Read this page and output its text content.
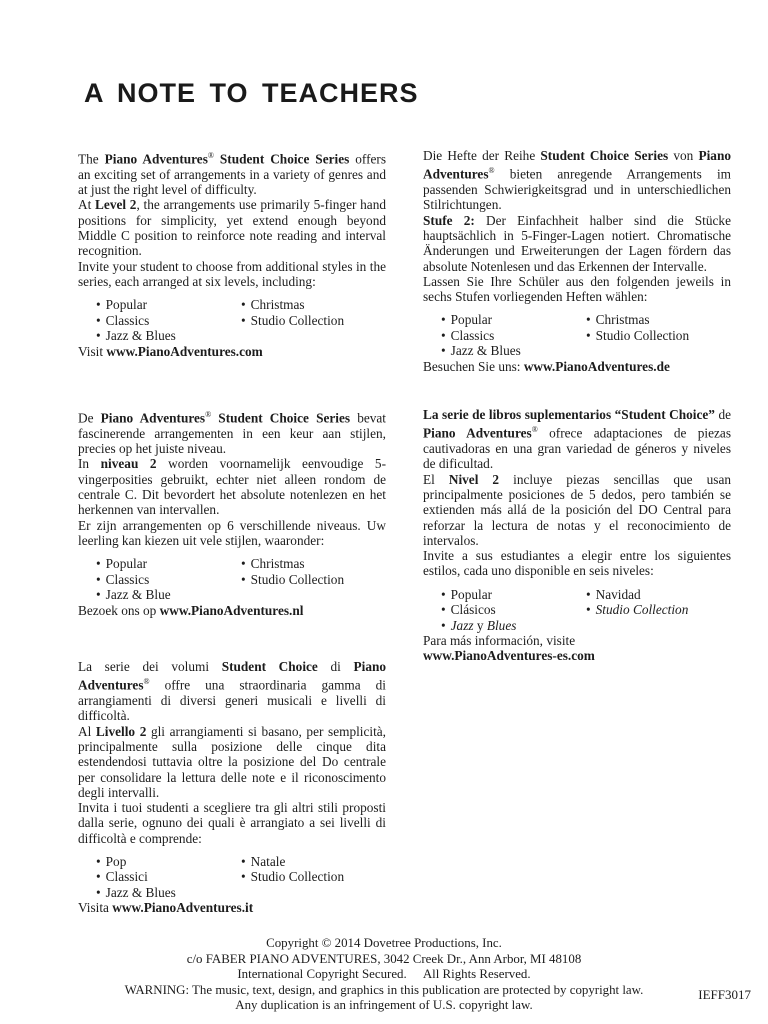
A NOTE TO TEACHERS

The Piano Adventures® Student Choice Series offers an exciting set of arrangements in a variety of genres and at just the right level of difficulty.

At Level 2, the arrangements use primarily 5-finger hand positions for simplicity, yet extend enough beyond Middle C position to reinforce note reading and interval recognition.

Invite your student to choose from additional styles in the series, each arranged at six levels, including:

• Popular
• Classics
• Jazz & Blues
• Christmas
• Studio Collection

Visit www.PianoAdventures.com

Die Hefte der Reihe Student Choice Series von Piano Adventures® bieten anregende Arrangements im passenden Schwierigkeitsgrad und in unterschiedlichen Stilrichtungen.

Stufe 2: Der Einfachheit halber sind die Stücke hauptsächlich in 5-Finger-Lagen notiert. Chromatische Änderungen und Erweiterungen der Lagen fördern das absolute Notenlesen und das Erkennen der Intervalle.

Lassen Sie Ihre Schüler aus den folgenden jeweils in sechs Stufen vorliegenden Heften wählen:

• Popular
• Classics
• Jazz & Blues
• Christmas
• Studio Collection

Besuchen Sie uns: www.PianoAdventures.de

De Piano Adventures® Student Choice Series bevat fascinerende arrangementen in een keur aan stijlen, precies op het juiste niveau.

In niveau 2 worden voornamelijk eenvoudige 5-vingerposities gebruikt, echter niet alleen rondom de centrale C. Dit bevordert het absolute notenlezen en het herkennen van intervallen.

Er zijn arrangementen op 6 verschillende niveaus. Uw leerling kan kiezen uit vele stijlen, waaronder:

• Popular
• Classics
• Jazz & Blue
• Christmas
• Studio Collection

Bezoek ons op www.PianoAdventures.nl

La serie de libros suplementarios “Student Choice” de Piano Adventures® ofrece adaptaciones de piezas cautivadoras en una gran variedad de géneros y niveles de dificultad.

El Nivel 2 incluye piezas sencillas que usan principalmente posiciones de 5 dedos, pero también se extienden más allá de la posición del DO Central para reforzar la lectura de notas y el reconocimiento de intervalos.

Invite a sus estudiantes a elegir entre los siguientes estilos, cada uno disponible en seis niveles:

• Popular
• Clásicos
• Jazz y Blues
• Navidad
• Studio Collection

Para más información, visite
www.PianoAdventures-es.com

La serie dei volumi Student Choice di Piano Adventures® offre una straordinaria gamma di arrangiamenti di diversi generi musicali e livelli di difficoltà.

Al Livello 2 gli arrangiamenti si basano, per semplicità, principalmente sulla posizione delle cinque dita estendendosi tuttavia oltre la posizione del Do centrale per consolidare la lettura delle note e il riconoscimento degli intervalli.

Invita i tuoi studenti a scegliere tra gli altri stili proposti dalla serie, ognuno dei quali è arrangiato a sei livelli di difficoltà e comprende:

• Pop
• Classici
• Jazz & Blues
• Natale
• Studio Collection

Visita www.PianoAdventures.it

Copyright © 2014 Dovetree Productions, Inc.
c/o FABER PIANO ADVENTURES, 3042 Creek Dr., Ann Arbor, MI 48108
International Copyright Secured.     All Rights Reserved.
WARNING: The music, text, design, and graphics in this publication are protected by copyright law.
Any duplication is an infringement of U.S. copyright law.
IEFF3017
